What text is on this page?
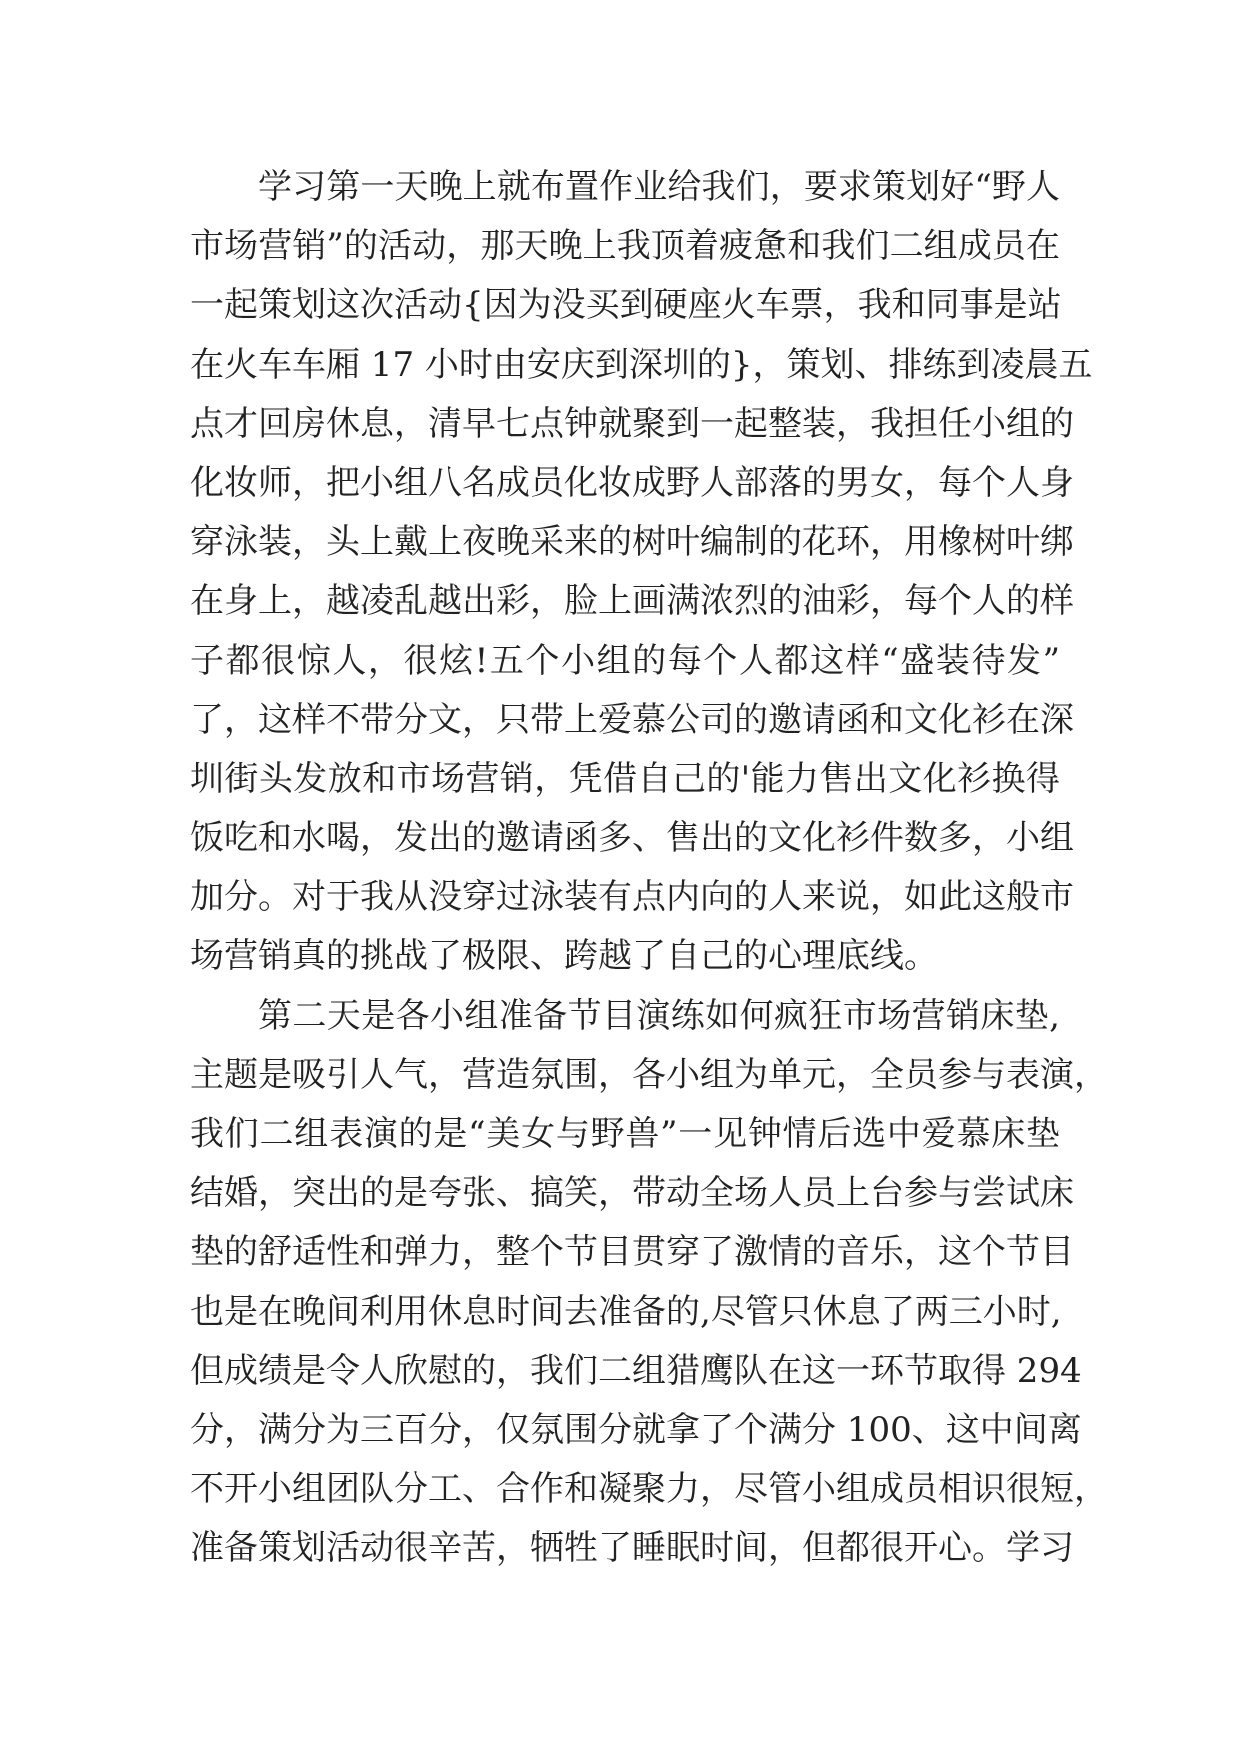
学习第一天晚上就布置作业给我们，要求策划好“野人
市场营销”的活动，那天晚上我顶着疲惫和我们二组成员在
一起策划这次活动{因为没买到硬座火车票，我和同事是站
在火车车厢 17 小时由安庆到深圳的}，策划、排练到凌晨五
点才回房休息，清早七点钟就聚到一起整装，我担任小组的
化妆师，把小组八名成员化妆成野人部落的男女，每个人身
穿泳装，头上戴上夜晚采来的树叶编制的花环，用橡树叶绑
在身上，越凌乱越出彩，脸上画满浓烈的油彩，每个人的样
子都很惊人，很炫!五个小组的每个人都这样“盛装待发”
了，这样不带分文，只带上爱慕公司的邀请函和文化衫在深
圳街头发放和市场营销，凭借自己的'能力售出文化衫换得
饭吃和水喝，发出的邀请函多、售出的文化衫件数多，小组
加分。对于我从没穿过泳装有点内向的人来说，如此这般市
场营销真的挑战了极限、跨越了自己的心理底线。
第二天是各小组准备节目演练如何疯狂市场营销床垫,
主题是吸引人气，营造氛围，各小组为单元，全员参与表演，
我们二组表演的是“美女与野兽”一见钟情后选中爱慕床垫
结婚，突出的是夸张、搞笑，带动全场人员上台参与尝试床
垫的舒适性和弹力，整个节目贯穿了激情的音乐，这个节目
也是在晚间利用休息时间去准备的,尽管只休息了两三小时,
但成绩是令人欣慰的，我们二组猎鹰队在这一环节取得 294
分，满分为三百分，仅氛围分就拿了个满分 100、这中间离
不开小组团队分工、合作和凝聚力，尽管小组成员相识很短，
准备策划活动很辛苦，牺牲了睡眠时间，但都很开心。学习
